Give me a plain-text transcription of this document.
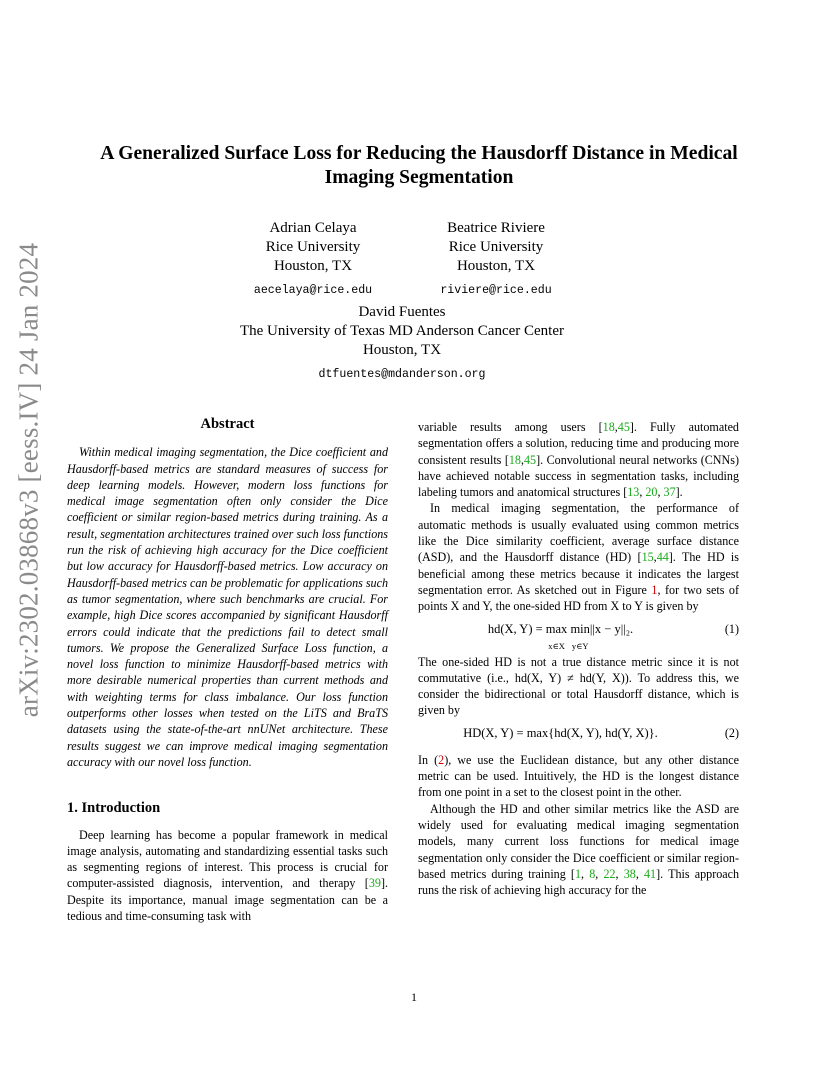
arXiv:2302.03868v3 [eess.IV] 24 Jan 2024
A Generalized Surface Loss for Reducing the Hausdorff Distance in Medical
Imaging Segmentation
Adrian Celaya
Rice University
Houston, TX
aecelaya@rice.edu
Beatrice Riviere
Rice University
Houston, TX
riviere@rice.edu
David Fuentes
The University of Texas MD Anderson Cancer Center
Houston, TX
dtfuentes@mdanderson.org
Abstract

Within medical imaging segmentation, the Dice coefficient and Hausdorff-based metrics are standard measures of success for deep learning models. However, modern loss functions for medical image segmentation often only consider the Dice coefficient or similar region-based metrics during training. As a result, segmentation architectures trained over such loss functions run the risk of achieving high accuracy for the Dice coefficient but low accuracy for Hausdorff-based metrics. Low accuracy on Hausdorff-based metrics can be problematic for applications such as tumor segmentation, where such benchmarks are crucial. For example, high Dice scores accompanied by significant Hausdorff errors could indicate that the predictions fail to detect small tumors. We propose the Generalized Surface Loss function, a novel loss function to minimize Hausdorff-based metrics with more desirable numerical properties than current methods and with weighting terms for class imbalance. Our loss function outperforms other losses when tested on the LiTS and BraTS datasets using the state-of-the-art nnUNet architecture. These results suggest we can improve medical imaging segmentation accuracy with our novel loss function.

1. Introduction

Deep learning has become a popular framework in medical image analysis, automating and standardizing essential tasks such as segmenting regions of interest. This process is crucial for computer-assisted diagnosis, intervention, and therapy [39]. Despite its importance, manual image segmentation can be a tedious and time-consuming task with

variable results among users [18,45]. Fully automated segmentation offers a solution, reducing time and producing more consistent results [18,45]. Convolutional neural networks (CNNs) have achieved notable success in segmentation tasks, including labeling tumors and anatomical structures [13, 20, 37].

In medical imaging segmentation, the performance of automatic methods is usually evaluated using common metrics like the Dice similarity coefficient, average surface distance (ASD), and the Hausdorff distance (HD) [15,44]. The HD is beneficial among these metrics because it indicates the largest segmentation error. As sketched out in Figure 1, for two sets of points X and Y, the one-sided HD from X to Y is given by

hd(X, Y) = max
x∈X min
y∈Y||x − y||₂.	(1)

The one-sided HD is not a true distance metric since it is not commutative (i.e., hd(X, Y) ≠ hd(Y, X)). To address this, we consider the bidirectional or total Hausdorff distance, which is given by

HD(X, Y) = max{hd(X, Y), hd(Y, X)}.	(2)

In (2), we use the Euclidean distance, but any other distance metric can be used. Intuitively, the HD is the longest distance from one point in a set to the closest point in the other.

Although the HD and other similar metrics like the ASD are widely used for evaluating medical imaging segmentation models, many current loss functions for medical image segmentation only consider the Dice coefficient or similar region-based metrics during training [1, 8, 22, 38, 41]. This approach runs the risk of achieving high accuracy for the

1
